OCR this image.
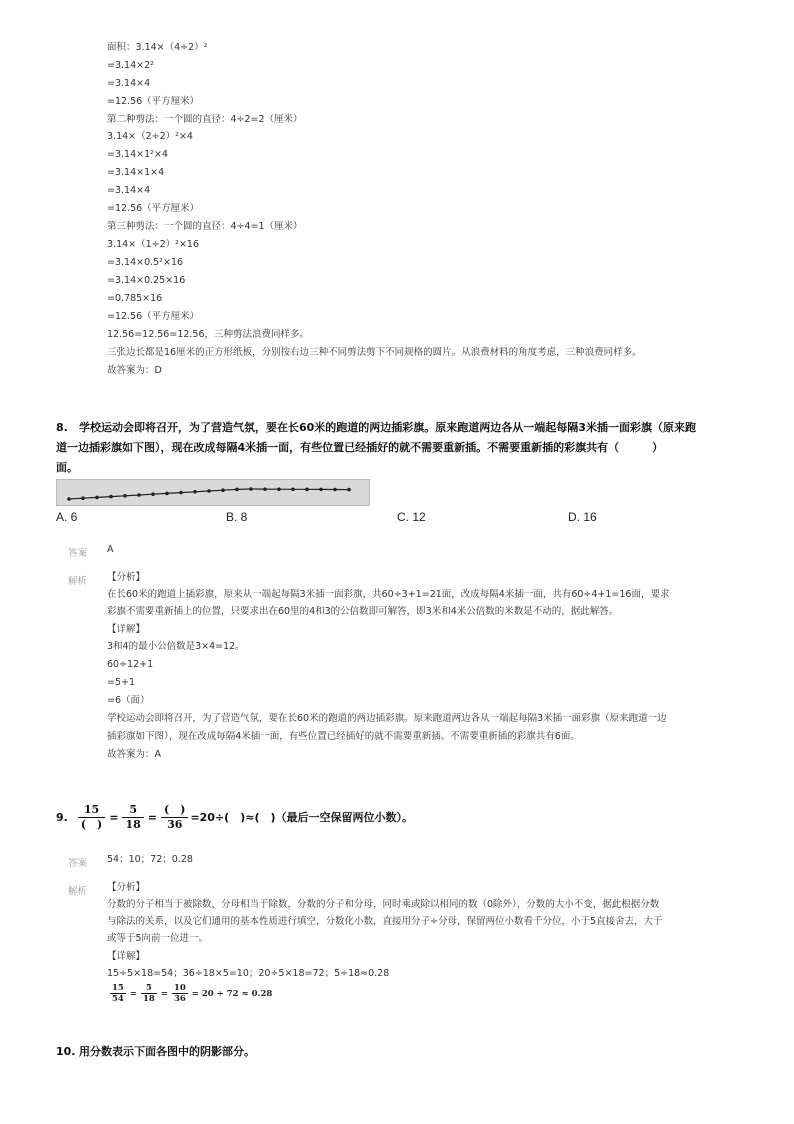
面积：3.14×（4÷2）²
=3.14×2²
=3.14×4
=12.56（平方厘米）
第二种剪法：一个圆的直径：4÷2=2（厘米）
3.14×（2÷2）²×4
=3.14×1²×4
=3.14×1×4
=3.14×4
=12.56（平方厘米）
第三种剪法：一个圆的直径：4÷4=1（厘米）
3.14×（1÷2）²×16
=3.14×0.5²×16
=3.14×0.25×16
=0.785×16
=12.56（平方厘米）
12.56=12.56=12.56，三种剪法浪费同样多。
三张边长都是16厘米的正方形纸板，分别按右边三种不同剪法剪下不同规格的圆片。从浪费材料的角度考虑，三种浪费同样多。
故答案为：D
8. 学校运动会即将召开，为了营造气氛，要在长60米的跑道的两边插彩旗。原来跑道两边各从一端起每隔3米插一面彩旗（原来跑
道一边插彩旗如下图），现在改成每隔4米插一面，有些位置已经插好的就不需要重新插。不需要重新插的彩旗共有（　　　）
面。
A. 6	B. 8	C. 12	D. 16
答案 A
解析 【分析】
在长60米的跑道上插彩旗，原来从一端起每隔3米插一面彩旗，共60÷3+1=21面，改成每隔4米插一面，共有60÷4+1=16面，要求
彩旗不需要重新插上的位置，只要求出在60里的4和3的公倍数即可解答，即3米和4米公倍数的米数是不动的，据此解答。
【详解】
3和4的最小公倍数是3×4=12。
60÷12+1
=5+1
=6（面）
学校运动会即将召开，为了营造气氛，要在长60米的跑道的两边插彩旗。原来跑道两边各从一端起每隔3米插一面彩旗（原来跑道一边
插彩旗如下图），现在改成每隔4米插一面，有些位置已经插好的就不需要重新插。不需要重新插的彩旗共有6面。
故答案为：A
9. $\frac{15}{( )} = \frac{5}{18} = \frac{( )}{36} =20\div$(　)≈(　)（最后一空保留两位小数）。
答案 54；10；72；0.28
解析 【分析】
分数的分子相当于被除数，分母相当于除数，分数的分子和分母，同时乘或除以相同的数（0除外），分数的大小不变，据此根据分数
与除法的关系，以及它们通用的基本性质进行填空，分数化小数，直接用分子÷分母，保留两位小数看千分位，小于5直接舍去，大于
或等于5向前一位进一。
【详解】
15÷5×18=54；36÷18×5=10；20÷5×18=72；5÷18≈0.28
$\frac{15}{54} = \frac{5}{18} = \frac{10}{36} = 20 \div 72 \approx 0.28$
10. 用分数表示下面各图中的阴影部分。
